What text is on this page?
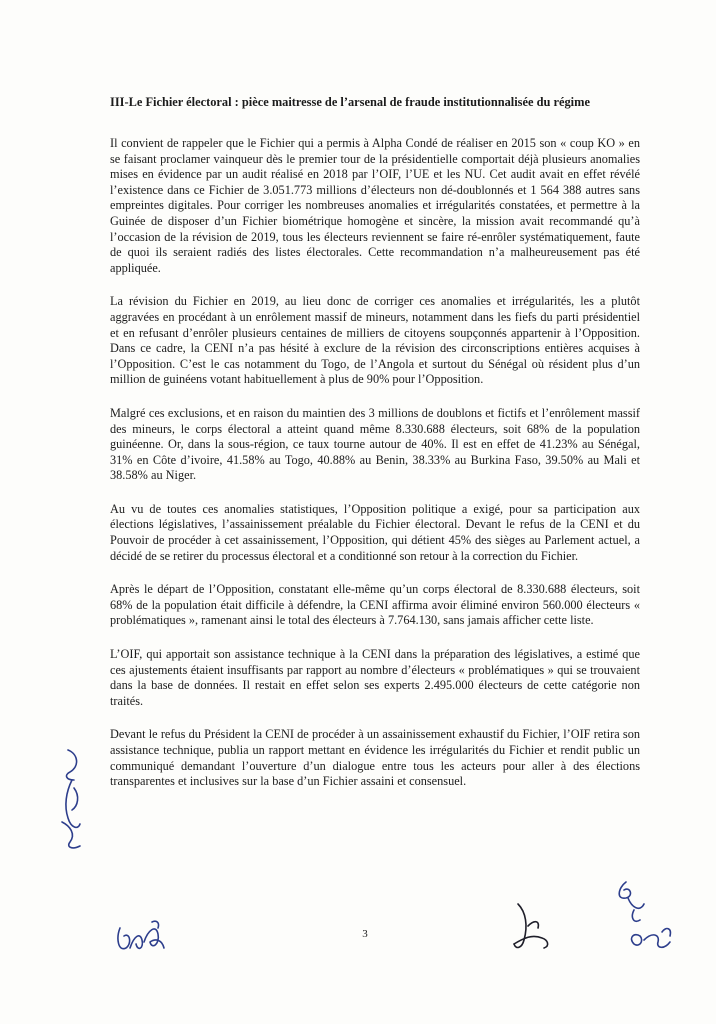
III-Le Fichier électoral : pièce maitresse de l’arsenal de fraude institutionnalisée du régime

Il convient de rappeler que le Fichier qui a permis à Alpha Condé de réaliser en 2015 son « coup KO » en se faisant proclamer vainqueur dès le premier tour de la présidentielle comportait déjà plusieurs anomalies mises en évidence par un audit réalisé en 2018 par l’OIF, l’UE et les NU. Cet audit avait en effet révélé l’existence dans ce Fichier de 3.051.773 millions d’électeurs non dé-doublonnés et 1 564 388 autres sans empreintes digitales. Pour corriger les nombreuses anomalies et irrégularités constatées, et permettre à la Guinée de disposer d’un Fichier biométrique homogène et sincère, la mission avait recommandé qu’à l’occasion de la révision de 2019, tous les électeurs reviennent se faire ré-enrôler systématiquement, faute de quoi ils seraient radiés des listes électorales. Cette recommandation n’a malheureusement pas été appliquée.

La révision du Fichier en 2019, au lieu donc de corriger ces anomalies et irrégularités, les a plutôt aggravées en procédant à un enrôlement massif de mineurs, notamment dans les fiefs du parti présidentiel et en refusant d’enrôler plusieurs centaines de milliers de citoyens soupçonnés appartenir à l’Opposition. Dans ce cadre, la CENI n’a pas hésité à exclure de la révision des circonscriptions entières acquises à l’Opposition. C’est le cas notamment du Togo, de l’Angola et surtout du Sénégal où résident plus d’un million de guinéens votant habituellement à plus de 90% pour l’Opposition.

Malgré ces exclusions, et en raison du maintien des 3 millions de doublons et fictifs et l’enrôlement massif des mineurs, le corps électoral a atteint quand même 8.330.688 électeurs, soit 68% de la population guinéenne. Or, dans la sous-région, ce taux tourne autour de 40%. Il est en effet de 41.23% au Sénégal, 31% en Côte d’ivoire, 41.58% au Togo, 40.88% au Benin, 38.33% au Burkina Faso, 39.50% au Mali et 38.58% au Niger.

Au vu de toutes ces anomalies statistiques, l’Opposition politique a exigé, pour sa participation aux élections législatives, l’assainissement préalable du Fichier électoral. Devant le refus de la CENI et du Pouvoir de procéder à cet assainissement, l’Opposition, qui détient 45% des sièges au Parlement actuel, a décidé de se retirer du processus électoral et a conditionné son retour à la correction du Fichier.

Après le départ de l’Opposition, constatant elle-même qu’un corps électoral de 8.330.688 électeurs, soit 68% de la population était difficile à défendre, la CENI affirma avoir éliminé environ 560.000 électeurs « problématiques », ramenant ainsi le total des électeurs à 7.764.130, sans jamais afficher cette liste.

L’OIF, qui apportait son assistance technique à la CENI dans la préparation des législatives, a estimé que ces ajustements étaient insuffisants par rapport au nombre d’électeurs « problématiques » qui se trouvaient dans la base de données. Il restait en effet selon ses experts 2.495.000 électeurs de cette catégorie non traités.

Devant le refus du Président la CENI de procéder à un assainissement exhaustif du Fichier, l’OIF retira son assistance technique, publia un rapport mettant en évidence les irrégularités du Fichier et rendit public un communiqué demandant l’ouverture d’un dialogue entre tous les acteurs pour aller à des élections transparentes et inclusives sur la base d’un Fichier assaini et consensuel.

3
